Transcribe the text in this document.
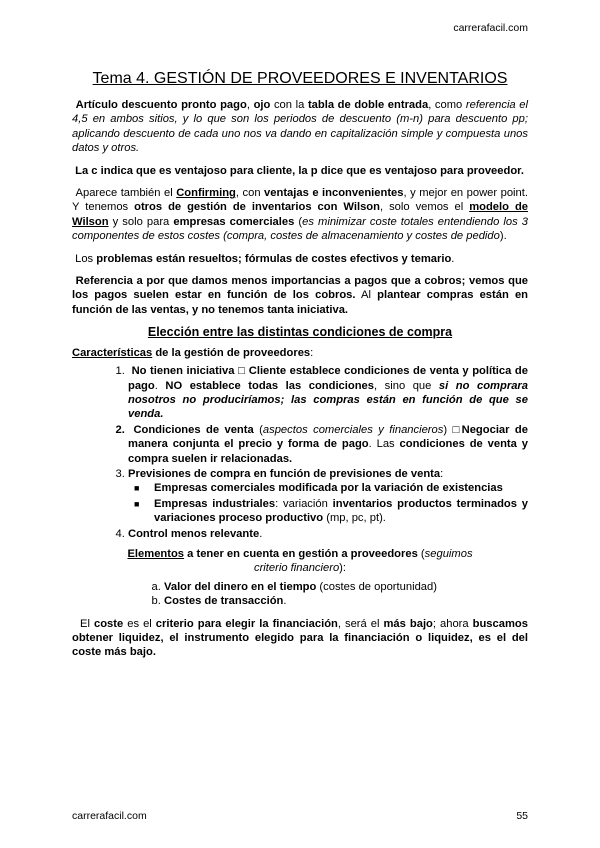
carrerafacil.com
Tema 4. GESTIÓN DE PROVEEDORES E INVENTARIOS

Artículo descuento pronto pago, ojo con la tabla de doble entrada, como referencia el 4,5 en ambos sitios, y lo que son los periodos de descuento (m-n) para descuento pp; aplicando descuento de cada uno nos va dando en capitalización simple y compuesta unos datos y otros.

La c indica que es ventajoso para cliente, la p dice que es ventajoso para proveedor.

Aparece también el Confirming, con ventajas e inconvenientes, y mejor en power point. Y tenemos otros de gestión de inventarios con Wilson, solo vemos el modelo de Wilson y solo para empresas comerciales (es minimizar coste totales entendiendo los 3 componentes de estos costes (compra, costes de almacenamiento y costes de pedido).

Los problemas están resueltos; fórmulas de costes efectivos y temario.

Referencia a por que damos menos importancias a pagos que a cobros; vemos que los pagos suelen estar en función de los cobros. Al plantear compras están en función de las ventas, y no tenemos tanta iniciativa.

Elección entre las distintas condiciones de compra

Características de la gestión de proveedores:

1.  No tienen iniciativa □ Cliente establece condiciones de venta y política de pago. NO establece todas las condiciones, sino que si no comprara nosotros no produciríamos; las compras están en función de que se venda.
2.  Condiciones de venta (aspectos comerciales y financieros) □Negociar de manera conjunta el precio y forma de pago. Las condiciones de venta y compra suelen ir relacionadas.
3. Previsiones de compra en función de previsiones de venta:
■ Empresas comerciales modificada por la variación de existencias
■ Empresas industriales: variación inventarios productos terminados y variaciones proceso productivo (mp, pc, pt).
4. Control menos relevante.

Elementos a tener en cuenta en gestión a proveedores (seguimos criterio financiero):

a. Valor del dinero en el tiempo (costes de oportunidad)
b. Costes de transacción.

El coste es el criterio para elegir la financiación, será el más bajo; ahora buscamos obtener liquidez, el instrumento elegido para la financiación o liquidez, es el del coste más bajo.

carrerafacil.com	55
